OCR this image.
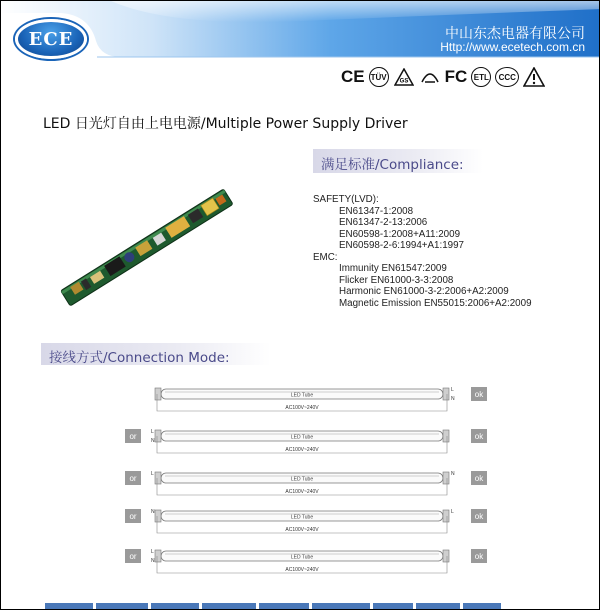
ECE	中山东杰电器有限公司
Http://www.ecetech.com.cn
CE TÜV	GS FC ETL	CCC
LED 日光灯自由上电电源/Multiple Power Supply Driver
满足标准/Compliance:
SAFETY(LVD):
EN61347-1:2008
EN61347-2-13:2006
EN60598-1:2008+A11:2009
EN60598-2-6:1994+A1:1997
EMC:
Immunity EN61547:2009
Flicker EN61000-3-3:2008
Harmonic EN61000-3-2:2006+A2:2009
Magnetic Emission EN55015:2006+A2:2009
接线方式/Connection Mode:
LED Tube
L
N
AC100V~240V
ok
LED Tube
L
N
AC100V~240V
or	ok
LED Tube
L	N
AC100V~240V
or	ok
LED Tube
N	L
AC100V~240V
or	ok
LED Tube
L
N
AC100V~240V
or	ok
